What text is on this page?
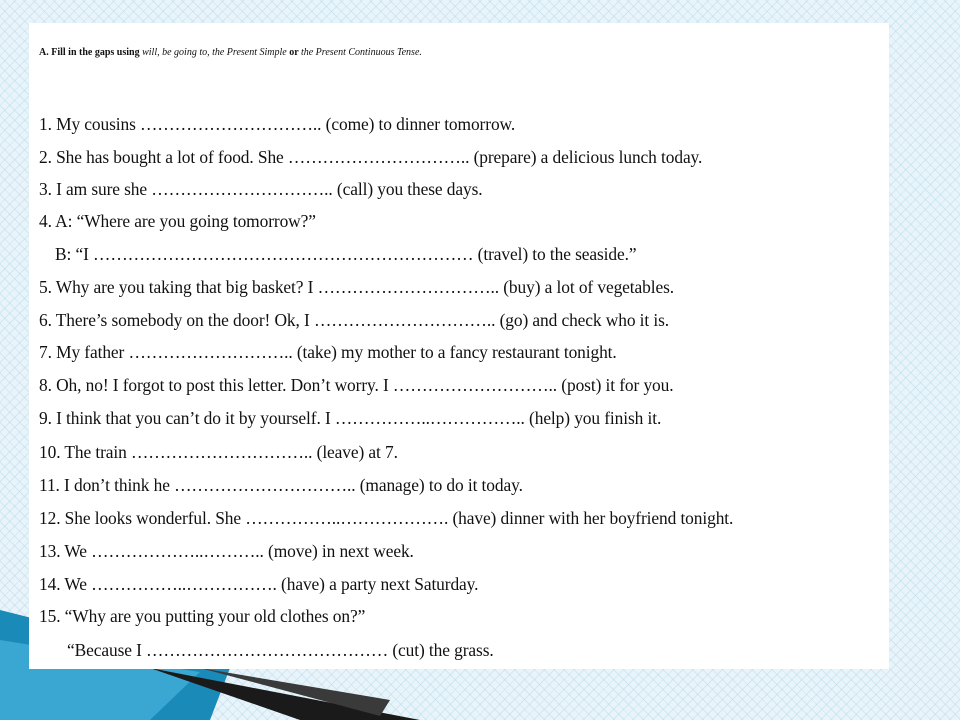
A. Fill in the gaps using will, be going to, the Present Simple or the Present Continuous Tense.
1. My cousins ………………………….. (come) to dinner tomorrow.
2. She has bought a lot of food. She ………………………….. (prepare) a delicious lunch today.
3. I am sure she ………………………….. (call) you these days.
4. A: “Where are you going tomorrow?”
B: “I ………………………………………………………… (travel) to the seaside.”
5. Why are you taking that big basket? I ………………………….. (buy) a lot of vegetables.
6. There’s somebody on the door! Ok, I ………………………….. (go) and check who it is.
7. My father ……………………….. (take) my mother to a fancy restaurant tonight.
8. Oh, no! I forgot to post this letter. Don’t worry. I ……………………….. (post) it for you.
9. I think that you can’t do it by yourself. I ……………..…………….. (help) you finish it.
10. The train ………………………….. (leave) at 7.
11. I don’t think he ………………………….. (manage) to do it today.
12. She looks wonderful. She ……………..………………. (have) dinner with her boyfriend tonight.
13. We ………………..……….. (move) in next week.
14. We ……………..……………. (have) a party next Saturday.
15. “Why are you putting your old clothes on?”
“Because I …………………………………… (cut) the grass.
